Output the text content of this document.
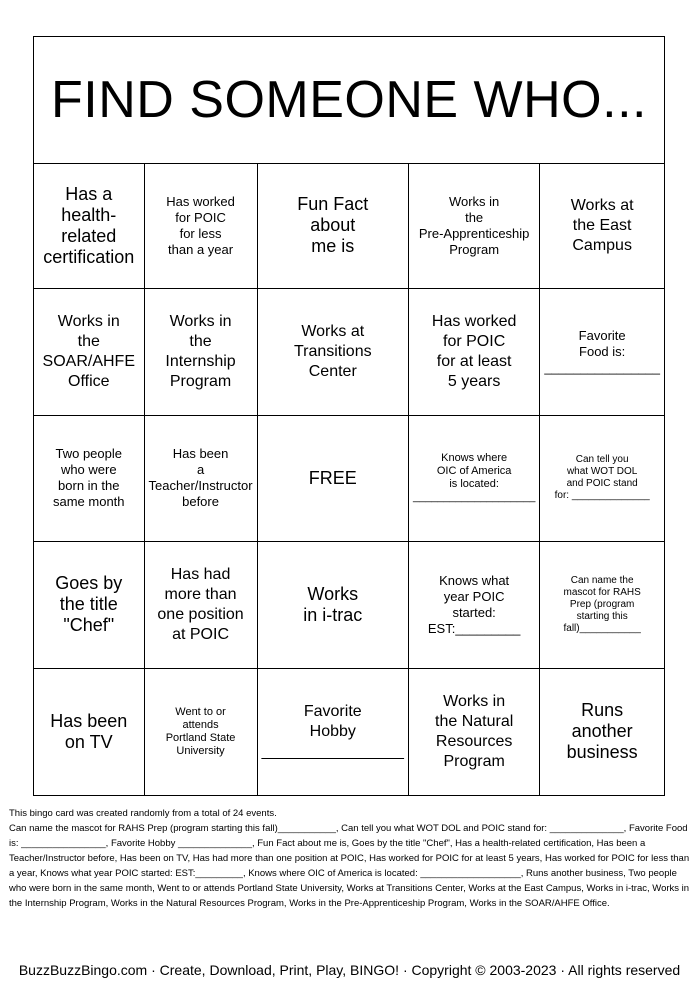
FIND SOMEONE WHO...
Has a
health-related
certification
Has worked
for POIC
for less
than a year
Fun Fact
about
me is
Works in
the
Pre-Apprenticeship
Program
Works at
the East
Campus
Works in
the
SOAR/AHFE
Office
Works in
the
Internship
Program
Works at
Transitions
Center
Has worked
for POIC
for at least
5 years
Favorite
Food is:
________________
Two people
who were
born in the
same month
Has been
a
Teacher/Instructor
before
FREE
Knows where
OIC of America
is located:
____________________
Can tell you
what WOT DOL
and POIC stand
for: ______________
Goes by
the title
"Chef"
Has had
more than
one position
at POIC
Works
in i-trac
Knows what
year POIC
started:
EST:_________
Can name the
mascot for RAHS
Prep (program
starting this
fall)___________
Has been
on TV
Went to or
attends
Portland State
University
Favorite
Hobby
________________
Works in
the Natural
Resources
Program
Runs
another
business

This bingo card was created randomly from a total of 24 events.

Can name the mascot for RAHS Prep (program starting this fall)___________, Can tell you what WOT DOL and POIC stand for: ______________, Favorite Food is: ________________, Favorite Hobby ______________, Fun Fact about me is, Goes by the title "Chef", Has a health-related certification, Has been a Teacher/Instructor before, Has been on TV, Has had more than one position at POIC, Has worked for POIC for at least 5 years, Has worked for POIC for less than a year, Knows what year POIC started: EST:_________, Knows where OIC of America is located: ___________________, Runs another business, Two people who were born in the same month, Went to or attends Portland State University, Works at Transitions Center, Works at the East Campus, Works in i-trac, Works in the Internship Program, Works in the Natural Resources Program, Works in the Pre-Apprenticeship Program, Works in the SOAR/AHFE Office.

BuzzBuzzBingo.com · Create, Download, Print, Play, BINGO! · Copyright © 2003-2023 · All rights reserved
